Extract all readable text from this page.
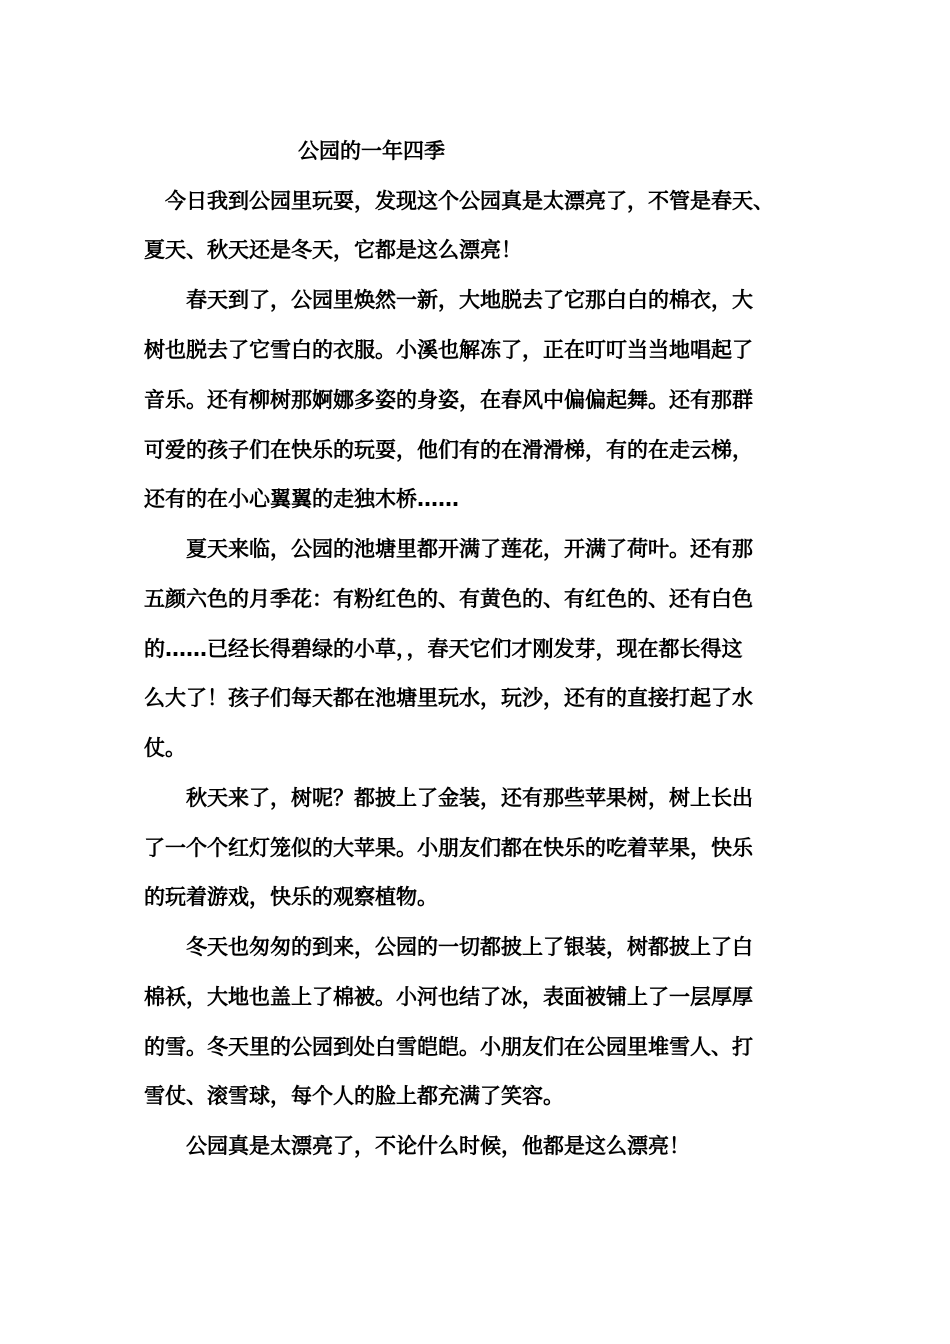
公园的一年四季
　今日我到公园里玩耍，发现这个公园真是太漂亮了，不管是春天、
夏天、秋天还是冬天，它都是这么漂亮！
　　春天到了，公园里焕然一新，大地脱去了它那白白的棉衣，大
树也脱去了它雪白的衣服。小溪也解冻了，正在叮叮当当地唱起了
音乐。还有柳树那婀娜多姿的身姿，在春风中偏偏起舞。还有那群
可爱的孩子们在快乐的玩耍，他们有的在滑滑梯，有的在走云梯，
还有的在小心翼翼的走独木桥……
　　夏天来临，公园的池塘里都开满了莲花，开满了荷叶。还有那
五颜六色的月季花：有粉红色的、有黄色的、有红色的、还有白色
的……已经长得碧绿的小草，，春天它们才刚发芽，现在都长得这
么大了！孩子们每天都在池塘里玩水，玩沙，还有的直接打起了水
仗。
　　秋天来了，树呢？都披上了金装，还有那些苹果树，树上长出
了一个个红灯笼似的大苹果。小朋友们都在快乐的吃着苹果，快乐
的玩着游戏，快乐的观察植物。
　　冬天也匆匆的到来，公园的一切都披上了银装，树都披上了白
棉袄，大地也盖上了棉被。小河也结了冰，表面被铺上了一层厚厚
的雪。冬天里的公园到处白雪皑皑。小朋友们在公园里堆雪人、打
雪仗、滚雪球，每个人的脸上都充满了笑容。
　　公园真是太漂亮了，不论什么时候，他都是这么漂亮！
